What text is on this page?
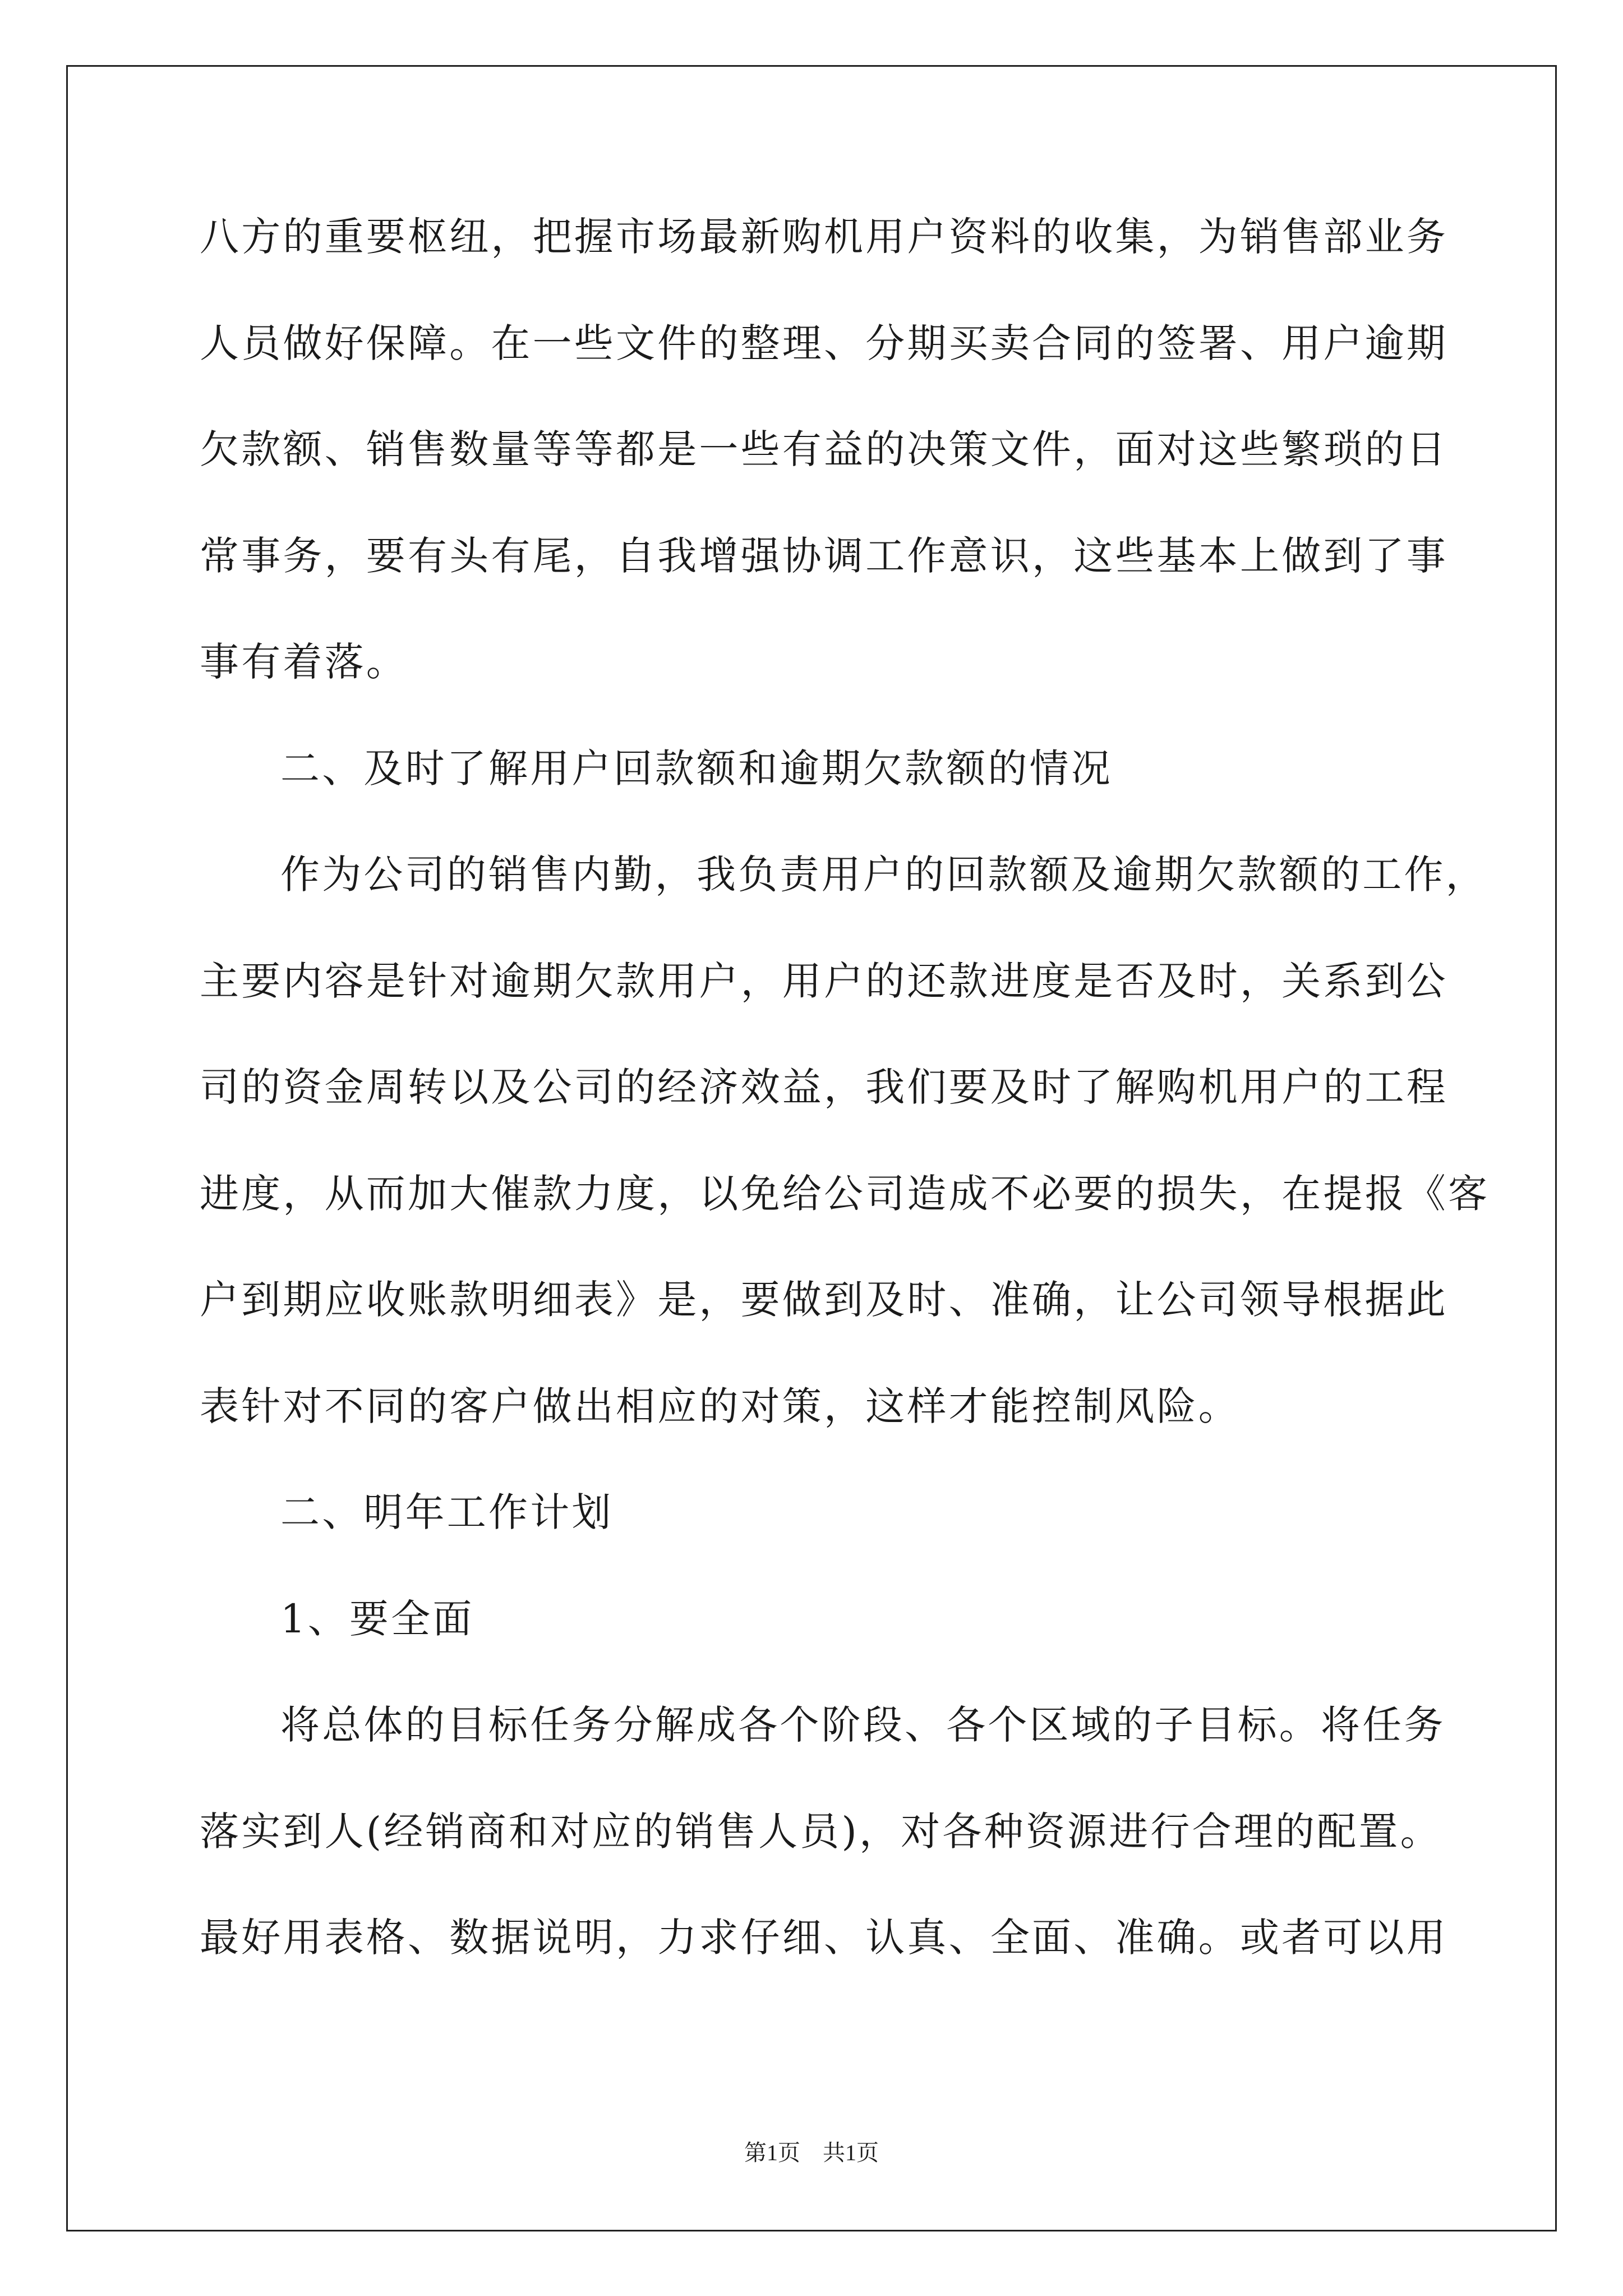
八方的重要枢纽，把握市场最新购机用户资料的收集，为销售部业务
人员做好保障。在一些文件的整理、分期买卖合同的签署、用户逾期
欠款额、销售数量等等都是一些有益的决策文件，面对这些繁琐的日
常事务，要有头有尾，自我增强协调工作意识，这些基本上做到了事
事有着落。
二、及时了解用户回款额和逾期欠款额的情况
作为公司的销售内勤，我负责用户的回款额及逾期欠款额的工作，
主要内容是针对逾期欠款用户，用户的还款进度是否及时，关系到公
司的资金周转以及公司的经济效益，我们要及时了解购机用户的工程
进度，从而加大催款力度，以免给公司造成不必要的损失，在提报《客
户到期应收账款明细表》是，要做到及时、准确，让公司领导根据此
表针对不同的客户做出相应的对策，这样才能控制风险。
二、明年工作计划
1、要全面
将总体的目标任务分解成各个阶段、各个区域的子目标。将任务
落实到人(经销商和对应的销售人员)，对各种资源进行合理的配置。
最好用表格、数据说明，力求仔细、认真、全面、准确。或者可以用
第1页　共1页
